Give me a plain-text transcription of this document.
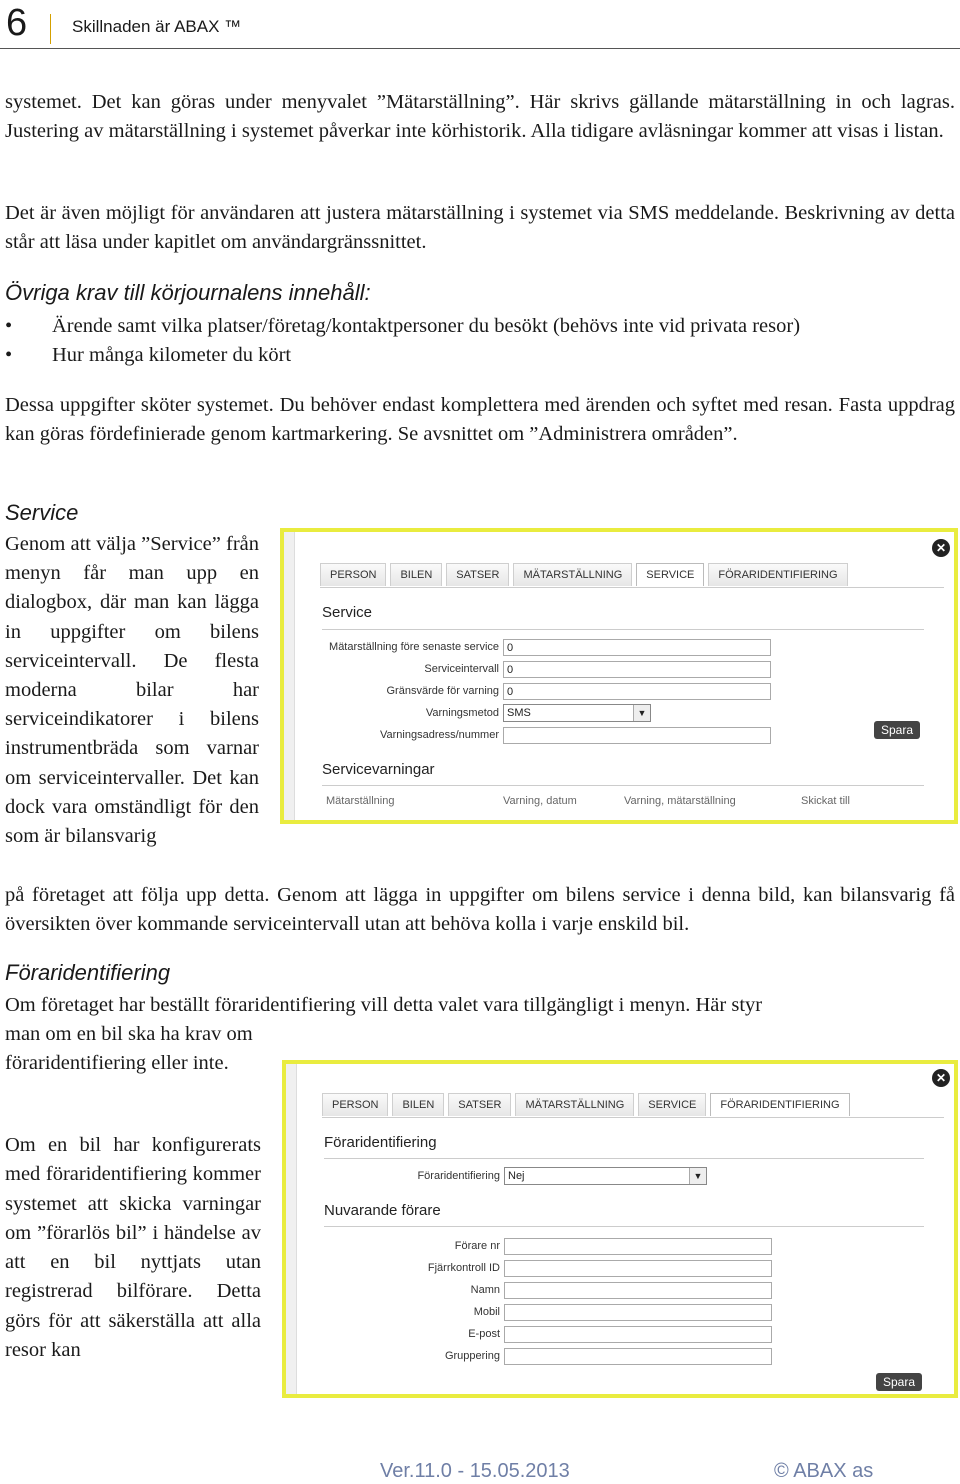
6	Skillnaden är ABAX ™

systemet. Det kan göras under menyvalet ”Mätarställning”. Här skrivs gällande mätarställning in och lagras. Justering av mätarställning i systemet påverkar inte körhistorik. Alla tidigare avläsningar kommer att visas i listan.

Det är även möjligt för användaren att justera mätarställning i systemet via SMS meddelande. Beskrivning av detta står att läsa under kapitlet om användargränssnittet.

Övriga krav till körjournalens innehåll:
• Ärende samt vilka platser/företag/kontaktpersoner du besökt (behövs inte vid privata resor)
• Hur många kilometer du kört

Dessa uppgifter sköter systemet. Du behöver endast komplettera med ärenden och syftet med resan. Fasta uppdrag kan göras fördefinierade genom kartmarkering. Se avsnittet om ”Administrera områden”.

Service

Genom att välja ”Service” från menyn får man upp en dialogbox, där man kan lägga in uppgifter om bilens serviceintervall. De flesta moderna bilar har serviceindikatorer i bilens instrumentbräda som varnar om serviceintervaller. Det kan dock vara omständligt för den som är bilansvarig

på företaget att följa upp detta. Genom att lägga in uppgifter om bilens service i denna bild, kan bilansvarig få översikten över kommande serviceintervall utan att behöva kolla i varje enskild bil.

✕
PERSON	BILEN	SATSER	MÄTARSTÄLLNING	SERVICE	FÖRARIDENTIFIERING
Service
Mätarställning före senaste service 0
Serviceintervall 0
Gränsvärde för varning 0
Varningsmetod SMS	▼
Varningsadress/nummer	Spara
Servicevarningar
Mätarställning	Varning, datum	Varning, mätarställning	Skickat till
Föraridentifiering

Om företaget har beställt föraridentifiering vill detta valet vara tillgängligt i menyn. Här styr

man om en bil ska ha krav om föraridentifiering eller inte.

Om en bil har konfigurerats med föraridentifiering kommer systemet att skicka varningar om ”förarlös bil” i händelse av att en bil nyttjats utan registrerad bilförare. Detta görs för att säkerställa att alla resor kan

✕
PERSON	BILEN	SATSER	MÄTARSTÄLLNING	SERVICE	FÖRARIDENTIFIERING
Föraridentifiering
Föraridentifiering Nej	▼
Nuvarande förare
Förare nr
Fjärrkontroll ID
Namn
Mobil
E-post
Gruppering
Spara
Ver.11.0 - 15.05.2013	© ABAX as
